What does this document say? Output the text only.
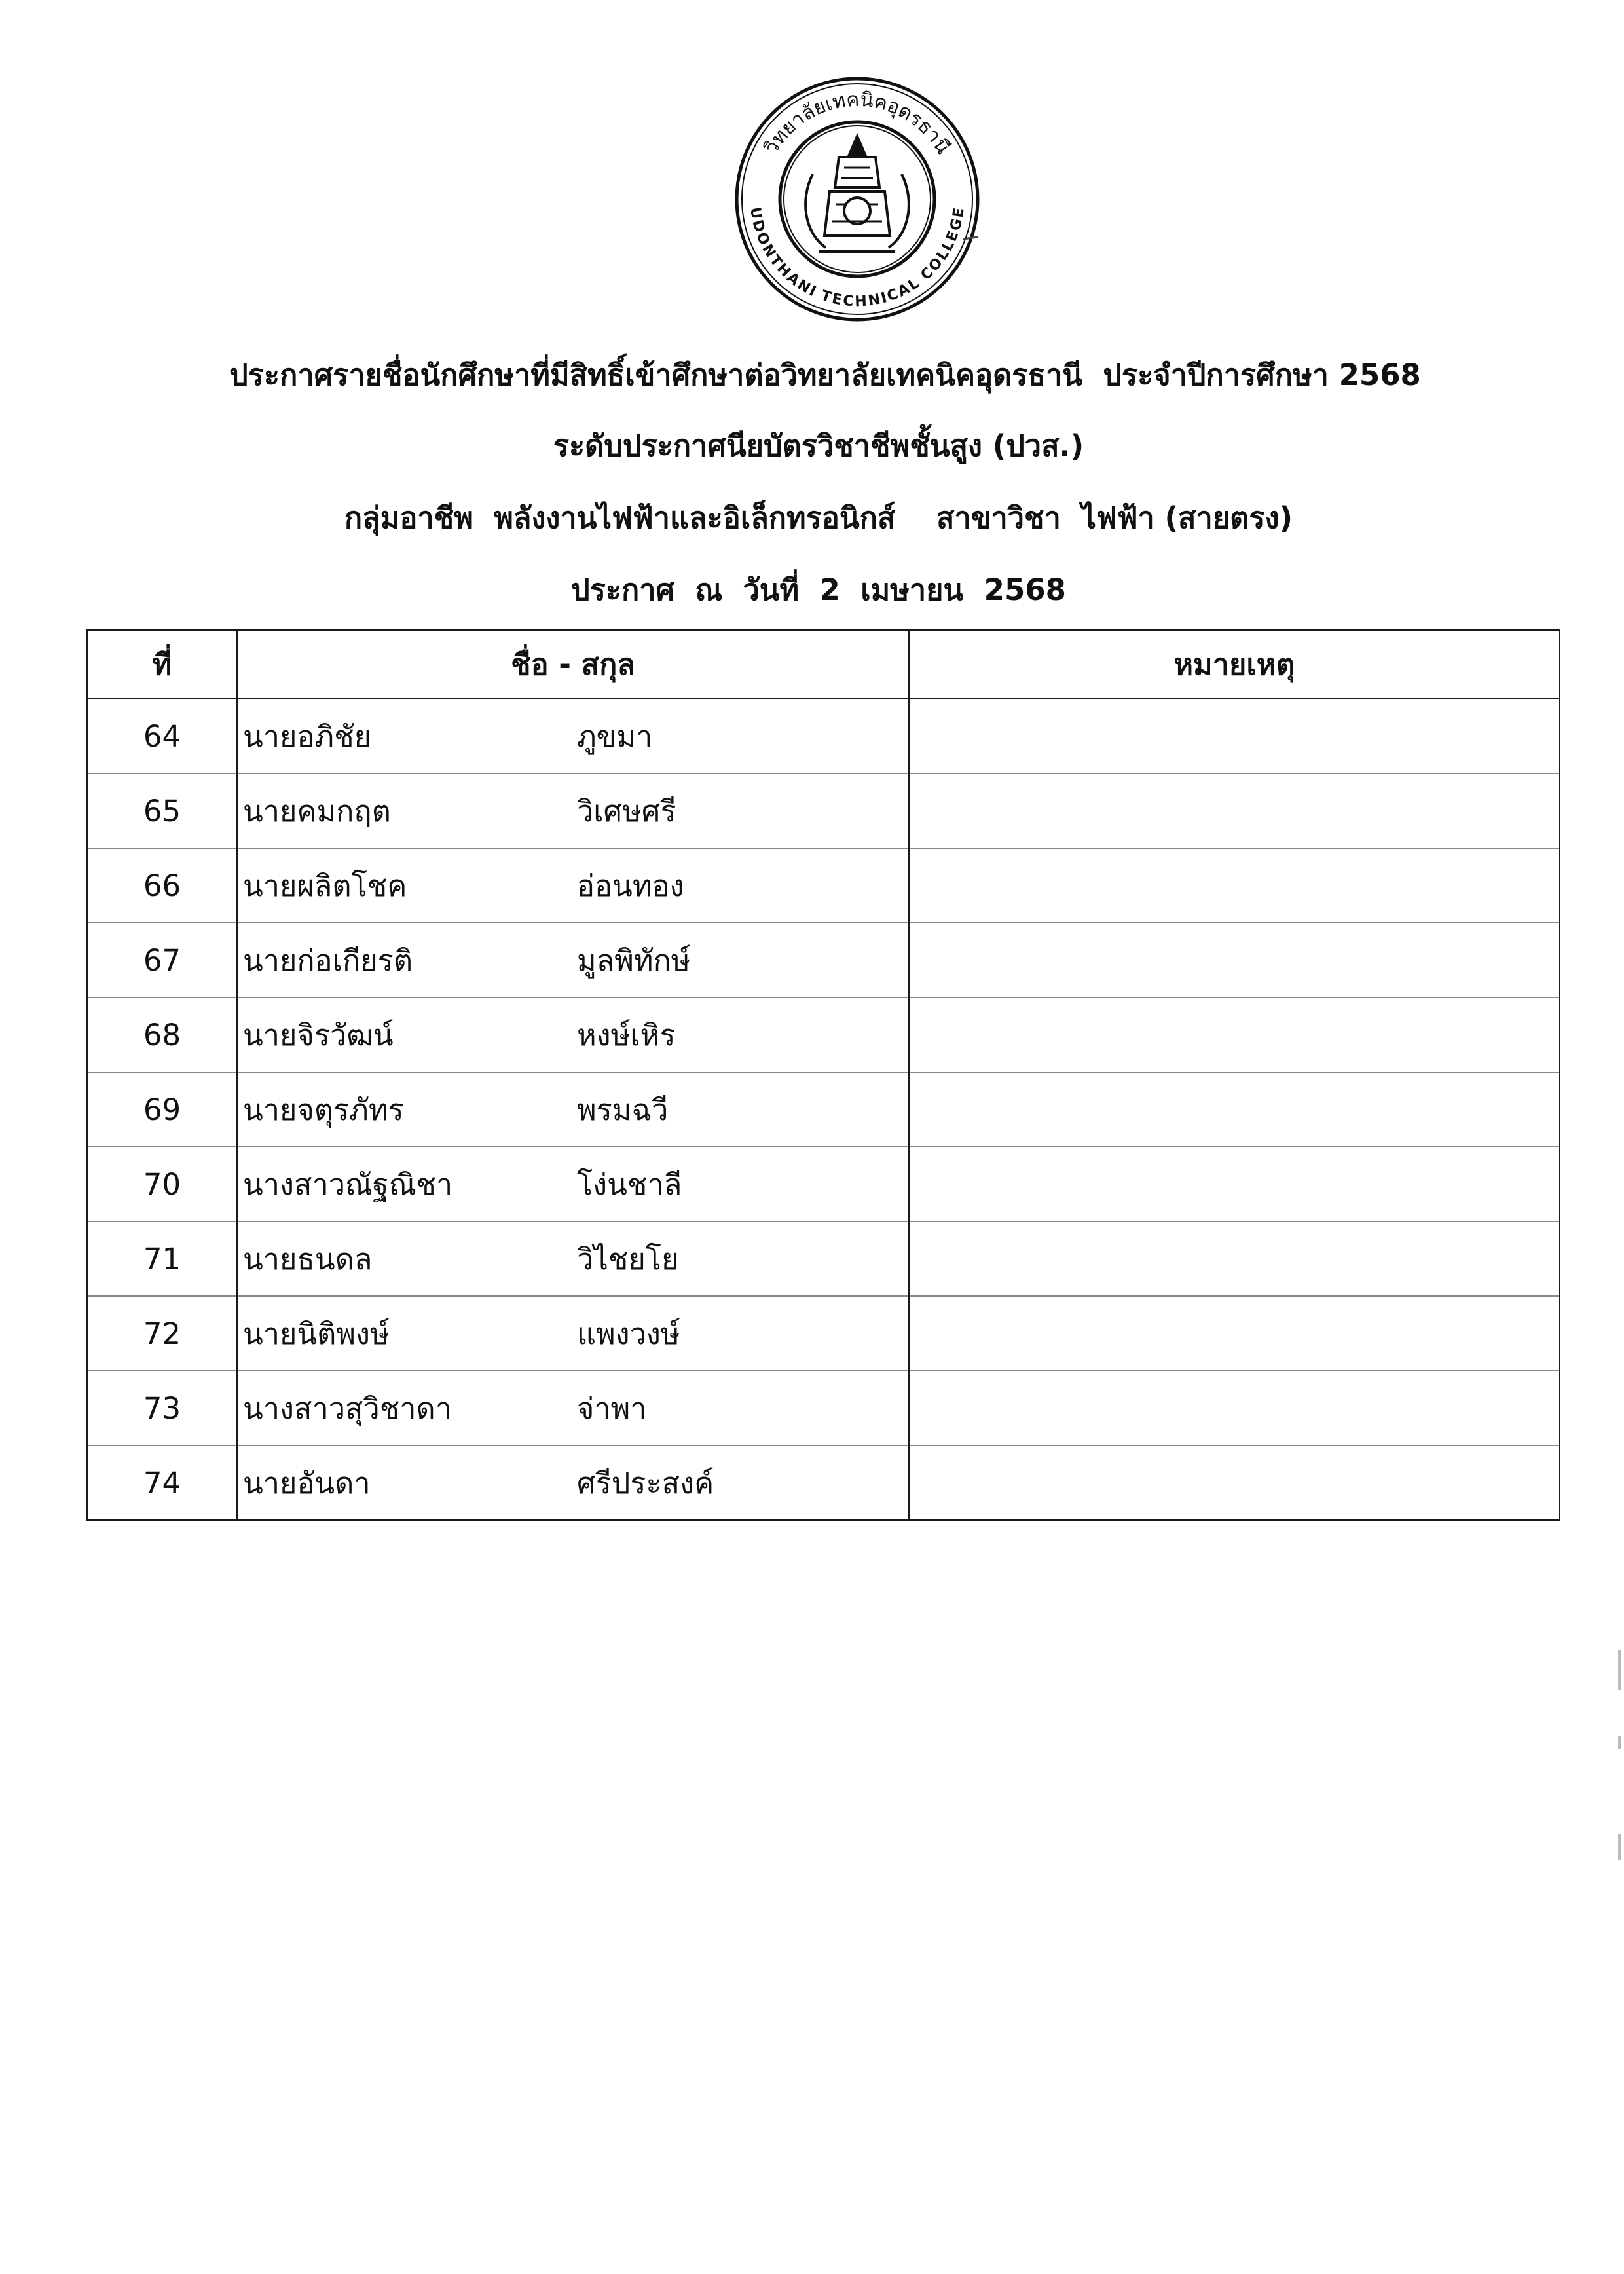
วิทยาลัยเทคนิคอุดรธานี
UDONTHANI TECHNICAL COLLEGE
ประกาศรายชื่อนักศึกษาที่มีสิทธิ์เข้าศึกษาต่อวิทยาลัยเทคนิคอุดรธานี  ประจำปีการศึกษา 2568
ระดับประกาศนียบัตรวิชาชีพชั้นสูง (ปวส.)
กลุ่มอาชีพ  พลังงานไฟฟ้าและอิเล็กทรอนิกส์    สาขาวิชา  ไฟฟ้า (สายตรง)
ประกาศ  ณ  วันที่  2  เมษายน  2568
ที่	ชื่อ - สกุล	หมายเหตุ
64	นายอภิชัย ภูขมา	

65	นายคมกฤต วิเศษศรี	

66	นายผลิตโชค อ่อนทอง	

67	นายก่อเกียรติ มูลพิทักษ์	

68	นายจิรวัฒน์ หงษ์เหิร	

69	นายจตุรภัทร พรมฉวี	

70	นางสาวณัฐณิชา โง่นชาลี	

71	นายธนดล วิไชยโย	

72	นายนิติพงษ์ แพงวงษ์	

73	นางสาวสุวิชาดา จ่าพา	

74	นายอันดา ศรีประสงค์	
